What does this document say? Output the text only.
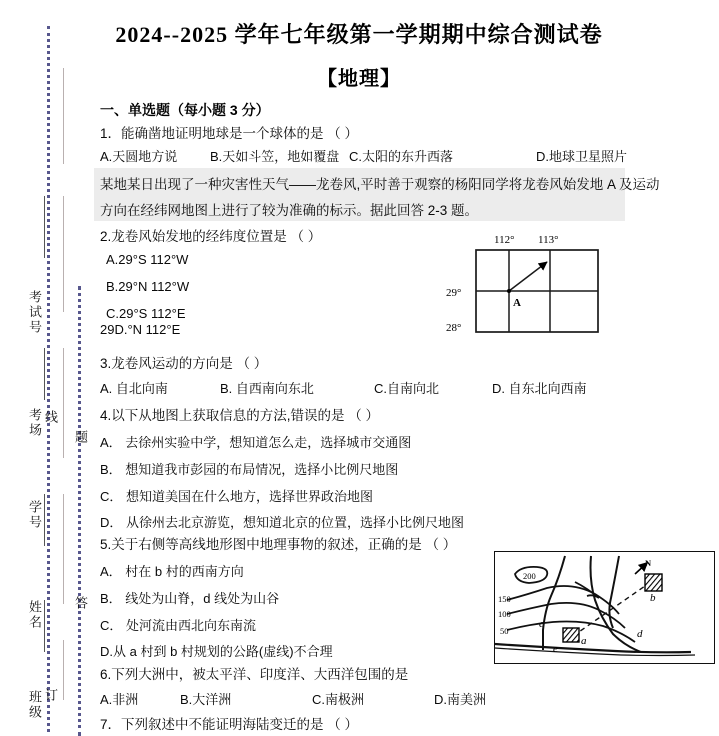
考试号
考场
学号
姓名
班级
线
题
答
订
2024--2025 学年七年级第一学期期中综合测试卷
【地理】
一、单选题（每小题 3 分）
1．能确凿地证明地球是一个球体的是 （ ）
A.天圆地方说	B.天如斗笠，地如覆盘 C.太阳的东升西落	D.地球卫星照片
某地某日出现了一种灾害性天气——龙卷风,平时善于观察的杨阳同学将龙卷风始发地 A 及运动
方向在经纬网地图上进行了较为准确的标示。据此回答 2-3 题。
2.龙卷风始发地的经纬度位置是 （ ）
A.29°S 112°W
B.29°N 112°W
C.29°S 112°E
29D.°N 112°E
112° 113°
29°
28°
A
3.龙卷风运动的方向是 （ ）
A. 自北向南	B. 自西南向东北	C.自南向北	D. 自东北向西南
4.以下从地图上获取信息的方法,错误的是 （ ）
A． 去徐州实验中学，想知道怎么走，选择城市交通图
B． 想知道我市彭园的布局情况，选择小比例尺地图
C． 想知道美国在什么地方，选择世界政治地图
D． 从徐州去北京游览，想知道北京的位置，选择小比例尺地图
5.关于右侧等高线地形图中地理事物的叙述，正确的是 （ ）
A． 村在 b 村的西南方向
B． 线处为山脊，d 线处为山谷
C． 处河流由西北向东南流
D.从 a 村到 b 村规划的公路(虚线)不合理
200
150
100
50
a
b
c
d
e
N
6.下列大洲中，被太平洋、印度洋、大西洋包围的是
A.非洲	B.大洋洲	C.南极洲	D.南美洲
7．下列叙述中不能证明海陆变迁的是 （ ）
